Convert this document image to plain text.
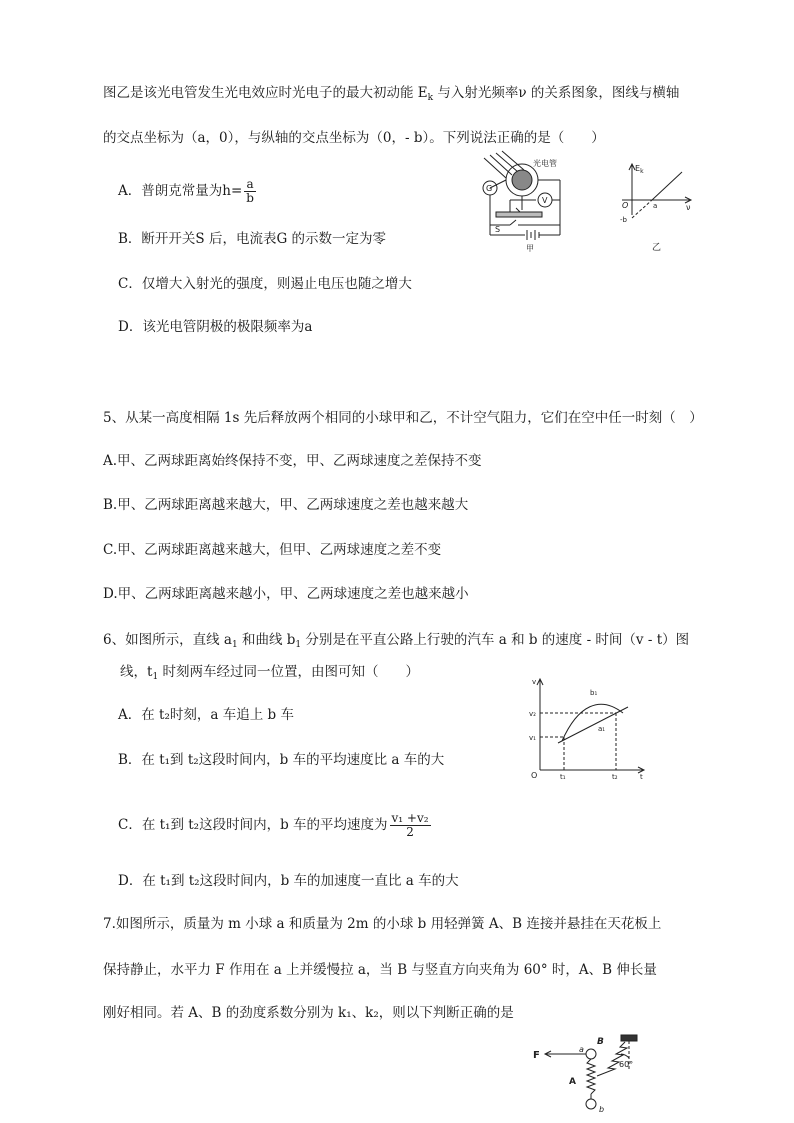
图乙是该光电管发生光电效应时光电子的最大初动能 $E_k$ 与入射光频率ν 的关系图象，图线与横轴
的交点坐标为（a，0），与纵轴的交点坐标为（0，- b）。下列说法正确的是（　　）
A．普朗克常量为$h= \frac{a}{b}$
B．断开开关S 后，电流表G 的示数一定为零
C．仅增大入射光的强度，则遏止电压也随之增大
D．该光电管阴极的极限频率为a
光电管
G
V
S
甲
$E_k$
O	a	ν
-b
乙
5、从某一高度相隔 1s 先后释放两个相同的小球甲和乙，不计空气阻力，它们在空中任一时刻（　）
A.甲、乙两球距离始终保持不变，甲、乙两球速度之差保持不变
B.甲、乙两球距离越来越大，甲、乙两球速度之差也越来越大
C.甲、乙两球距离越来越大，但甲、乙两球速度之差不变
D.甲、乙两球距离越来越小，甲、乙两球速度之差也越来越小
6、如图所示，直线 $a_1$ 和曲线 $b_1$ 分别是在平直公路上行驶的汽车 a 和 b 的速度 - 时间（v - t）图
线，$t_1$ 时刻两车经过同一位置，由图可知（　　）
A．在 t₂时刻，a 车追上 b 车
B．在 t₁到 t₂这段时间内，b 车的平均速度比 a 车的大
C．在 t₁到 t₂这段时间内，b 车的平均速度为 $\frac{\text{v₁ +v₂}}{2}$
D．在 t₁到 t₂这段时间内，b 车的加速度一直比 a 车的大
v
v₂
v₁
O	t₁	t₂	t
b₁
a₁
7.如图所示，质量为 m 小球 a 和质量为 2m 的小球 b 用轻弹簧 A、B 连接并悬挂在天花板上
保持静止，水平力 F 作用在 a 上并缓慢拉 a，当 B 与竖直方向夹角为 60° 时，A、B 伸长量
刚好相同。若 A、B 的劲度系数分别为 k₁、k₂，则以下判断正确的是
F
a
B
60°
A
b
